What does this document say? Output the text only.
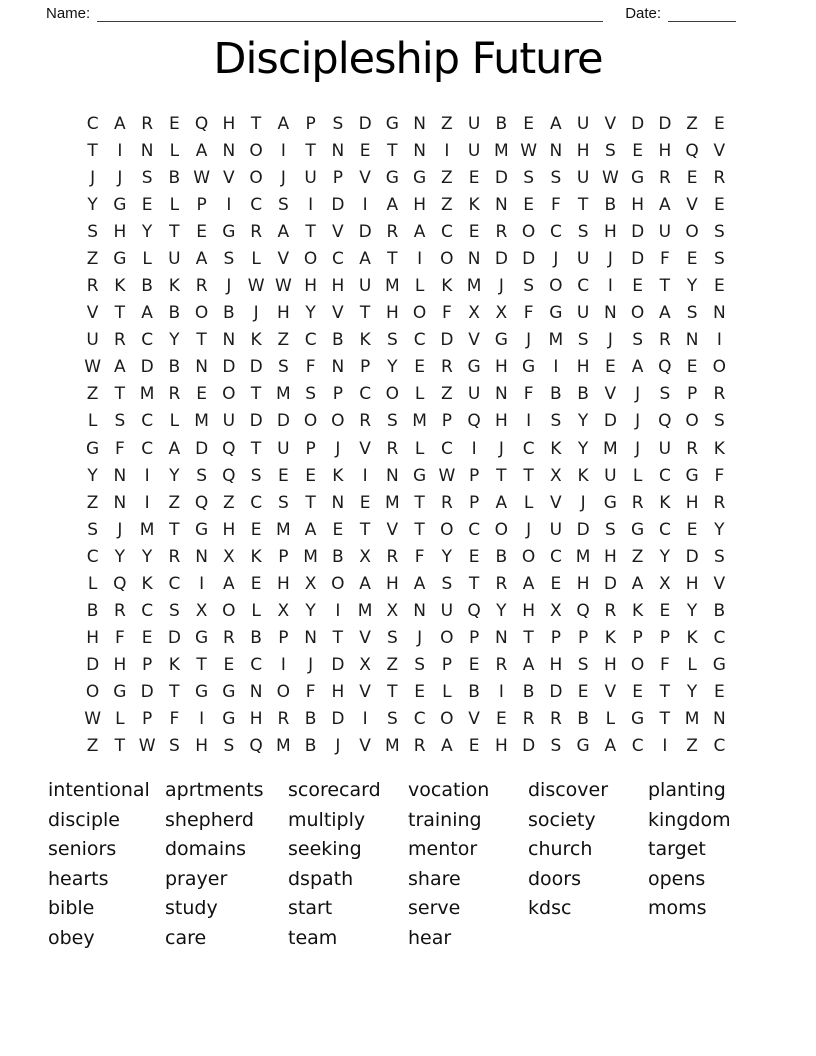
Name:	Date:
Discipleship Future
C A R E Q H T A P S D G N Z U B E A U V D D Z E
T	I	N L A N O	I	T N E T N	I	U M W N H S E H Q V
J	J	S B W V O	J	U P V G G Z E D S S U W G R E R
Y G E	L	P	I	C S	I	D	I	A H Z K N E F	T B H A V E
S H Y T E G R A T V D R A C E R O C S H D U O S
Z G L U A S	L V O C A T	I	O N D D	J	U	J	D F E S
R K B K R	J W W H H U M L K M	J	S O C	I	E T Y E
V T A B O B	J	H Y V T H O F X X F G U N O A S N
U R C Y T N K Z C B K S C D V G	J	M S	J	S R N	I
W A D B N D D S F N P Y E R G H G	I	H E A Q E O
Z T M R E O T M S P C O L Z U N F B B V	J	S P R
L	S C L M U D D O O R S M P Q H	I	S Y D	J	Q O S
G F C A D Q T U P	J	V R L C	I	J	C K Y M	J	U R K
Y N	I	Y S Q S E E K	I	N G W P T T X K U L C G F
Z N	I	Z Q Z C S T N E M T R P A L V	J	G R K H R
S	J	M T G H E M A E T V T O C O	J	U D S G C E Y
C Y Y R N X K P M B X R F	Y E B O C M H Z Y D S
L Q K C	I	A E H X O A H A S T R A E H D A X H V
B R C S X O L X Y	I	M X N U Q Y H X Q R K E Y B
H F E D G R B P N T V S	J	O P N T P P K P P K C
D H P K T E C	I	J	D X Z S P E R A H S H O F	L G
O G D T G G N O F H V T E	L B	I	B D E V E T Y E
W L	P	F	I	G H R B D	I	S C O V E R R B L G T M N
Z T W S H S Q M B	J	V M R A E H D S G A C	I	Z C
intentional
disciple
seniors
hearts
bible
obey
aprtments
shepherd
domains
prayer
study
care
scorecard
multiply
seeking
dspath
start
team
vocation
training
mentor
share
serve
hear
discover
society
church
doors
kdsc
planting
kingdom
target
opens
moms
